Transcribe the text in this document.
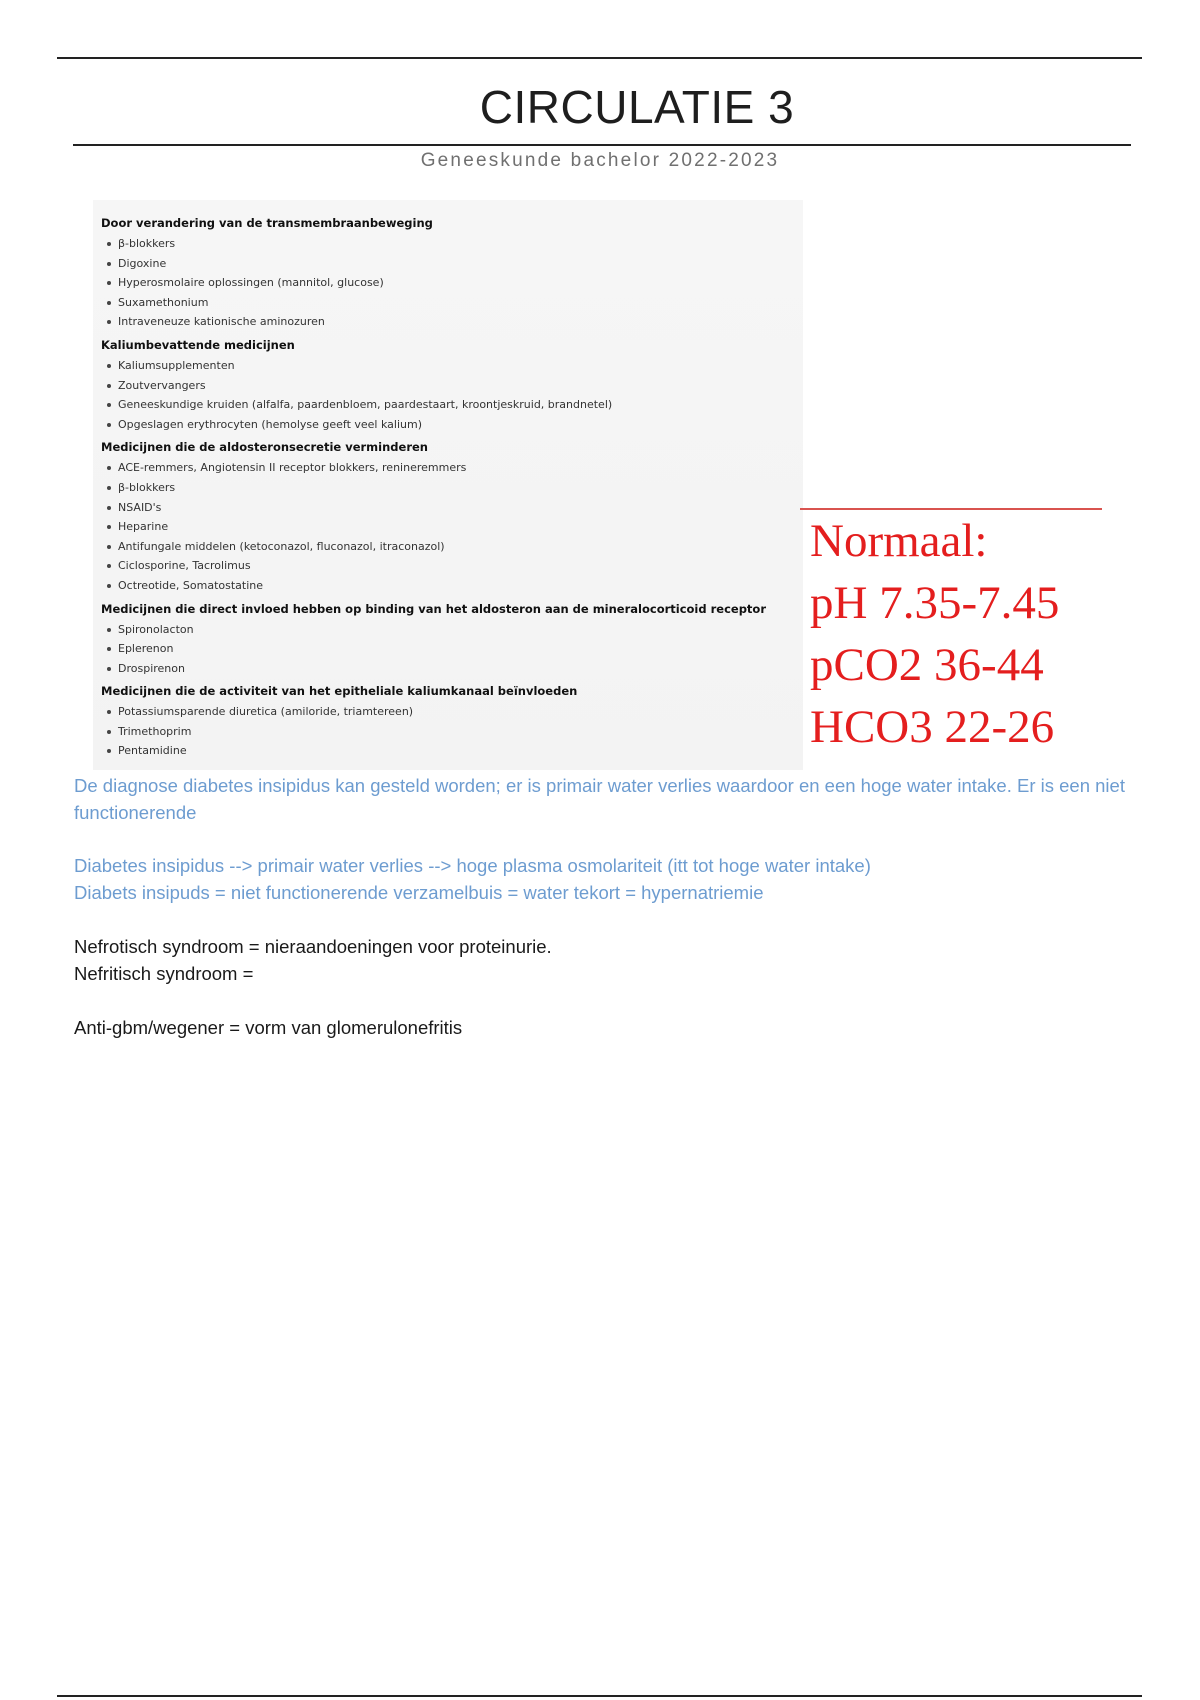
CIRCULATIE 3
Geneeskunde bachelor 2022-2023
Door verandering van de transmembraanbeweging
β-blokkers
Digoxine
Hyperosmolaire oplossingen (mannitol, glucose)
Suxamethonium
Intraveneuze kationische aminozuren
Kaliumbevattende medicijnen
Kaliumsupplementen
Zoutvervangers
Geneeskundige kruiden (alfalfa, paardenbloem, paardestaart, kroontjeskruid, brandnetel)
Opgeslagen erythrocyten (hemolyse geeft veel kalium)
Medicijnen die de aldosteronsecretie verminderen
ACE-remmers, Angiotensin II receptor blokkers, renineremmers
β-blokkers
NSAID's
Heparine
Antifungale middelen (ketoconazol, fluconazol, itraconazol)
Ciclosporine, Tacrolimus
Octreotide, Somatostatine
Medicijnen die direct invloed hebben op binding van het aldosteron aan de mineralocorticoid receptor
Spironolacton
Eplerenon
Drospirenon
Medicijnen die de activiteit van het epitheliale kaliumkanaal beïnvloeden
Potassiumsparende diuretica (amiloride, triamtereen)
Trimethoprim
Pentamidine
Normaal:
pH 7.35-7.45
pCO2 36-44
HCO3 22-26
De diagnose diabetes insipidus kan gesteld worden; er is primair water verlies waardoor en een hoge water intake. Er is een niet functionerende
Diabetes insipidus --> primair water verlies --> hoge plasma osmolariteit (itt tot hoge water intake)
Diabets insipuds = niet functionerende verzamelbuis = water tekort = hypernatriemie
Nefrotisch syndroom = nieraandoeningen voor proteinurie.
Nefritisch syndroom =
Anti-gbm/wegener = vorm van glomerulonefritis
